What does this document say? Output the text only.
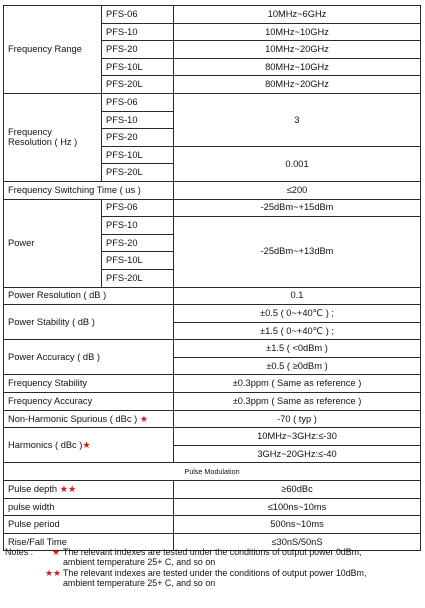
Frequency Range	PFS-06	10MHz~6GHz
	PFS-10	10MHz~10GHz
	PFS-20	10MHz~20GHz
	PFS-10L	80MHz~10GHz
	PFS-20L	80MHz~20GHz
Frequency Resolution ( Hz )	PFS-06	3
	PFS-10	
	PFS-20	
	PFS-10L	0.001
	PFS-20L	
Frequency Switching Time ( us )		≤200
Power	PFS-06	-25dBm~+15dBm
	PFS-10	-25dBm~+13dBm
	PFS-20	
	PFS-10L	
	PFS-20L	
Power Resolution ( dB )		0.1
Power Stability ( dB )		±0.5 ( 0~+40℃ ) ;
		±1.5 ( 0~+40℃ ) ;
Power Accuracy ( dB )		±1.5 ( <0dBm )
		±0.5 ( ≥0dBm )
Frequency Stability		±0.3ppm ( Same as reference )
Frequency Accuracy		±0.3ppm ( Same as reference )
Non-Harmonic Spurious ( dBc ) ★		-70 ( typ )
Harmonics ( dBc )★		10MHz~3GHz:≤-30
		3GHz~20GHz:≤-40
Pulse Modulation		
Pulse depth ★★		≥60dBc
pulse width		≤100ns~10ms
Pulse period		500ns~10ms
Rise/Fall Time		≤30nS/50nS
Notes :	★ The relevant indexes are tested under the conditions of output power 0dBm,
ambient temperature 25+ C, and so on
★★ The relevant indexes are tested under the conditions of output power 10dBm,
ambient temperature 25+ C, and so on
